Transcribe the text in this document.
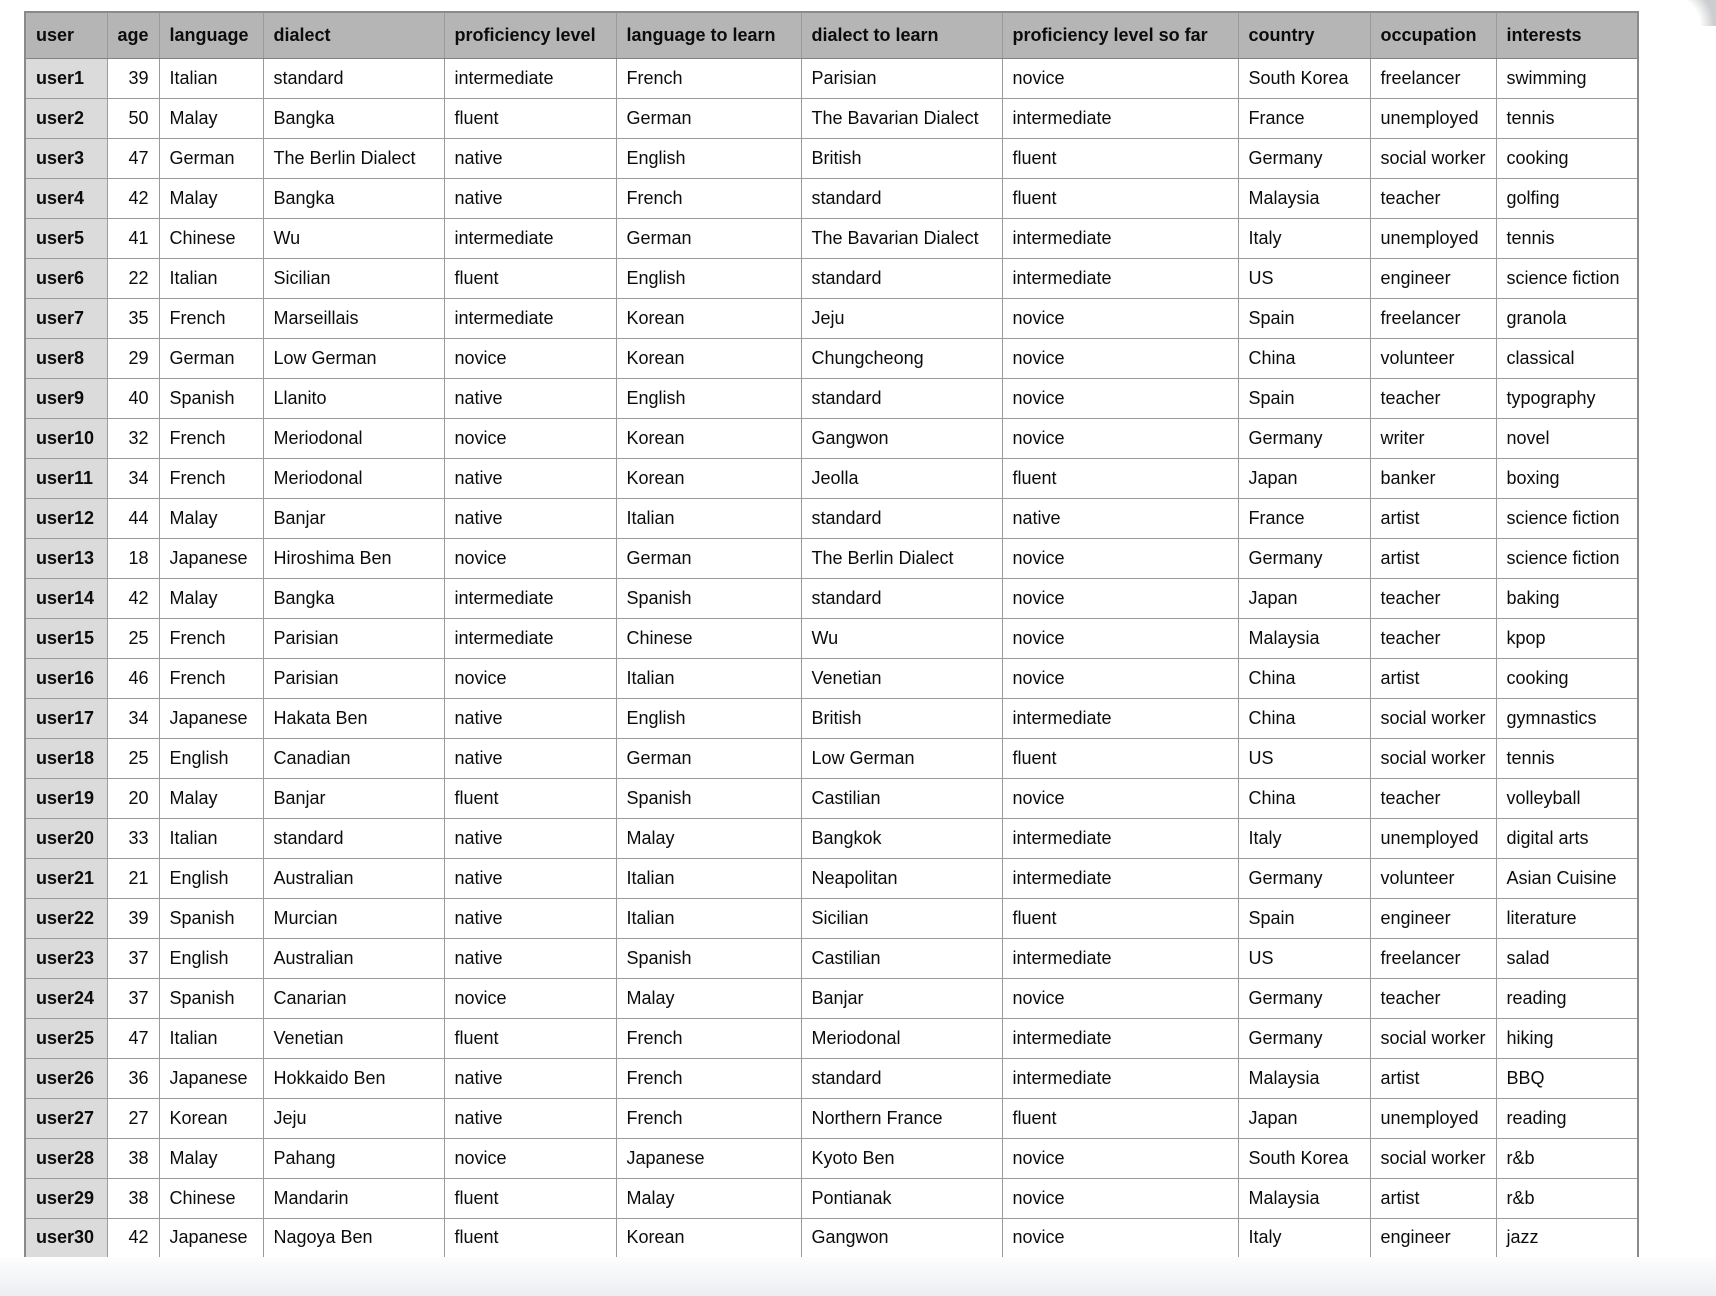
user	age	language	dialect	proficiency level	language to learn	dialect to learn	proficiency level so far	country	occupation	interests
user1	39	Italian	standard	intermediate	French	Parisian	novice	South Korea	freelancer	swimming
user2	50	Malay	Bangka	fluent	German	The Bavarian Dialect	intermediate	France	unemployed	tennis
user3	47	German	The Berlin Dialect	native	English	British	fluent	Germany	social worker	cooking
user4	42	Malay	Bangka	native	French	standard	fluent	Malaysia	teacher	golfing
user5	41	Chinese	Wu	intermediate	German	The Bavarian Dialect	intermediate	Italy	unemployed	tennis
user6	22	Italian	Sicilian	fluent	English	standard	intermediate	US	engineer	science fiction
user7	35	French	Marseillais	intermediate	Korean	Jeju	novice	Spain	freelancer	granola
user8	29	German	Low German	novice	Korean	Chungcheong	novice	China	volunteer	classical
user9	40	Spanish	Llanito	native	English	standard	novice	Spain	teacher	typography
user10	32	French	Meriodonal	novice	Korean	Gangwon	novice	Germany	writer	novel
user11	34	French	Meriodonal	native	Korean	Jeolla	fluent	Japan	banker	boxing
user12	44	Malay	Banjar	native	Italian	standard	native	France	artist	science fiction
user13	18	Japanese	Hiroshima Ben	novice	German	The Berlin Dialect	novice	Germany	artist	science fiction
user14	42	Malay	Bangka	intermediate	Spanish	standard	novice	Japan	teacher	baking
user15	25	French	Parisian	intermediate	Chinese	Wu	novice	Malaysia	teacher	kpop
user16	46	French	Parisian	novice	Italian	Venetian	novice	China	artist	cooking
user17	34	Japanese	Hakata Ben	native	English	British	intermediate	China	social worker	gymnastics
user18	25	English	Canadian	native	German	Low German	fluent	US	social worker	tennis
user19	20	Malay	Banjar	fluent	Spanish	Castilian	novice	China	teacher	volleyball
user20	33	Italian	standard	native	Malay	Bangkok	intermediate	Italy	unemployed	digital arts
user21	21	English	Australian	native	Italian	Neapolitan	intermediate	Germany	volunteer	Asian Cuisine
user22	39	Spanish	Murcian	native	Italian	Sicilian	fluent	Spain	engineer	literature
user23	37	English	Australian	native	Spanish	Castilian	intermediate	US	freelancer	salad
user24	37	Spanish	Canarian	novice	Malay	Banjar	novice	Germany	teacher	reading
user25	47	Italian	Venetian	fluent	French	Meriodonal	intermediate	Germany	social worker	hiking
user26	36	Japanese	Hokkaido Ben	native	French	standard	intermediate	Malaysia	artist	BBQ
user27	27	Korean	Jeju	native	French	Northern France	fluent	Japan	unemployed	reading
user28	38	Malay	Pahang	novice	Japanese	Kyoto Ben	novice	South Korea	social worker	r&b
user29	38	Chinese	Mandarin	fluent	Malay	Pontianak	novice	Malaysia	artist	r&b
user30	42	Japanese	Nagoya Ben	fluent	Korean	Gangwon	novice	Italy	engineer	jazz
